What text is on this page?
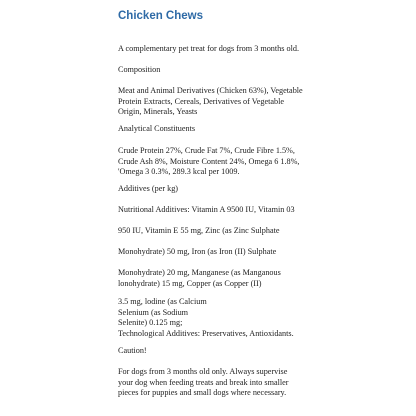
Chicken Chews

A complementary pet treat for dogs from 3 months old.

Composition

Meat and Animal Derivatives (Chicken 63%), Vegetable
Protein Extracts, Cereals, Derivatives of Vegetable
Origin, Minerals, Yeasts

Analytical Constituents

Crude Protein 27%, Crude Fat 7%, Crude Fibre 1.5%,
Crude Ash 8%, Moisture Content 24%, Omega 6 1.8%,
'Omega 3 0.3%, 289.3 kcal per 1009.

Additives (per kg)

Nutritional Additives: Vitamin A 9500 IU, Vitamin 03

950 IU, Vitamin E 55 mg, Zinc (as Zinc Sulphate

Monohydrate) 50 mg, Iron (as Iron (II) Sulphate

Monohydrate) 20 mg, Manganese (as Manganous
lonohydrate) 15 mg, Copper (as Copper (II)

3.5 mg, lodine (as Calcium
Selenium (as Sodium
Selenite) 0.125 mg;
Technological Additives: Preservatives, Antioxidants.

Caution!

For dogs from 3 months old only. Always supervise
your dog when feeding treats and break into smaller
pieces for puppies and small dogs where necessary.
